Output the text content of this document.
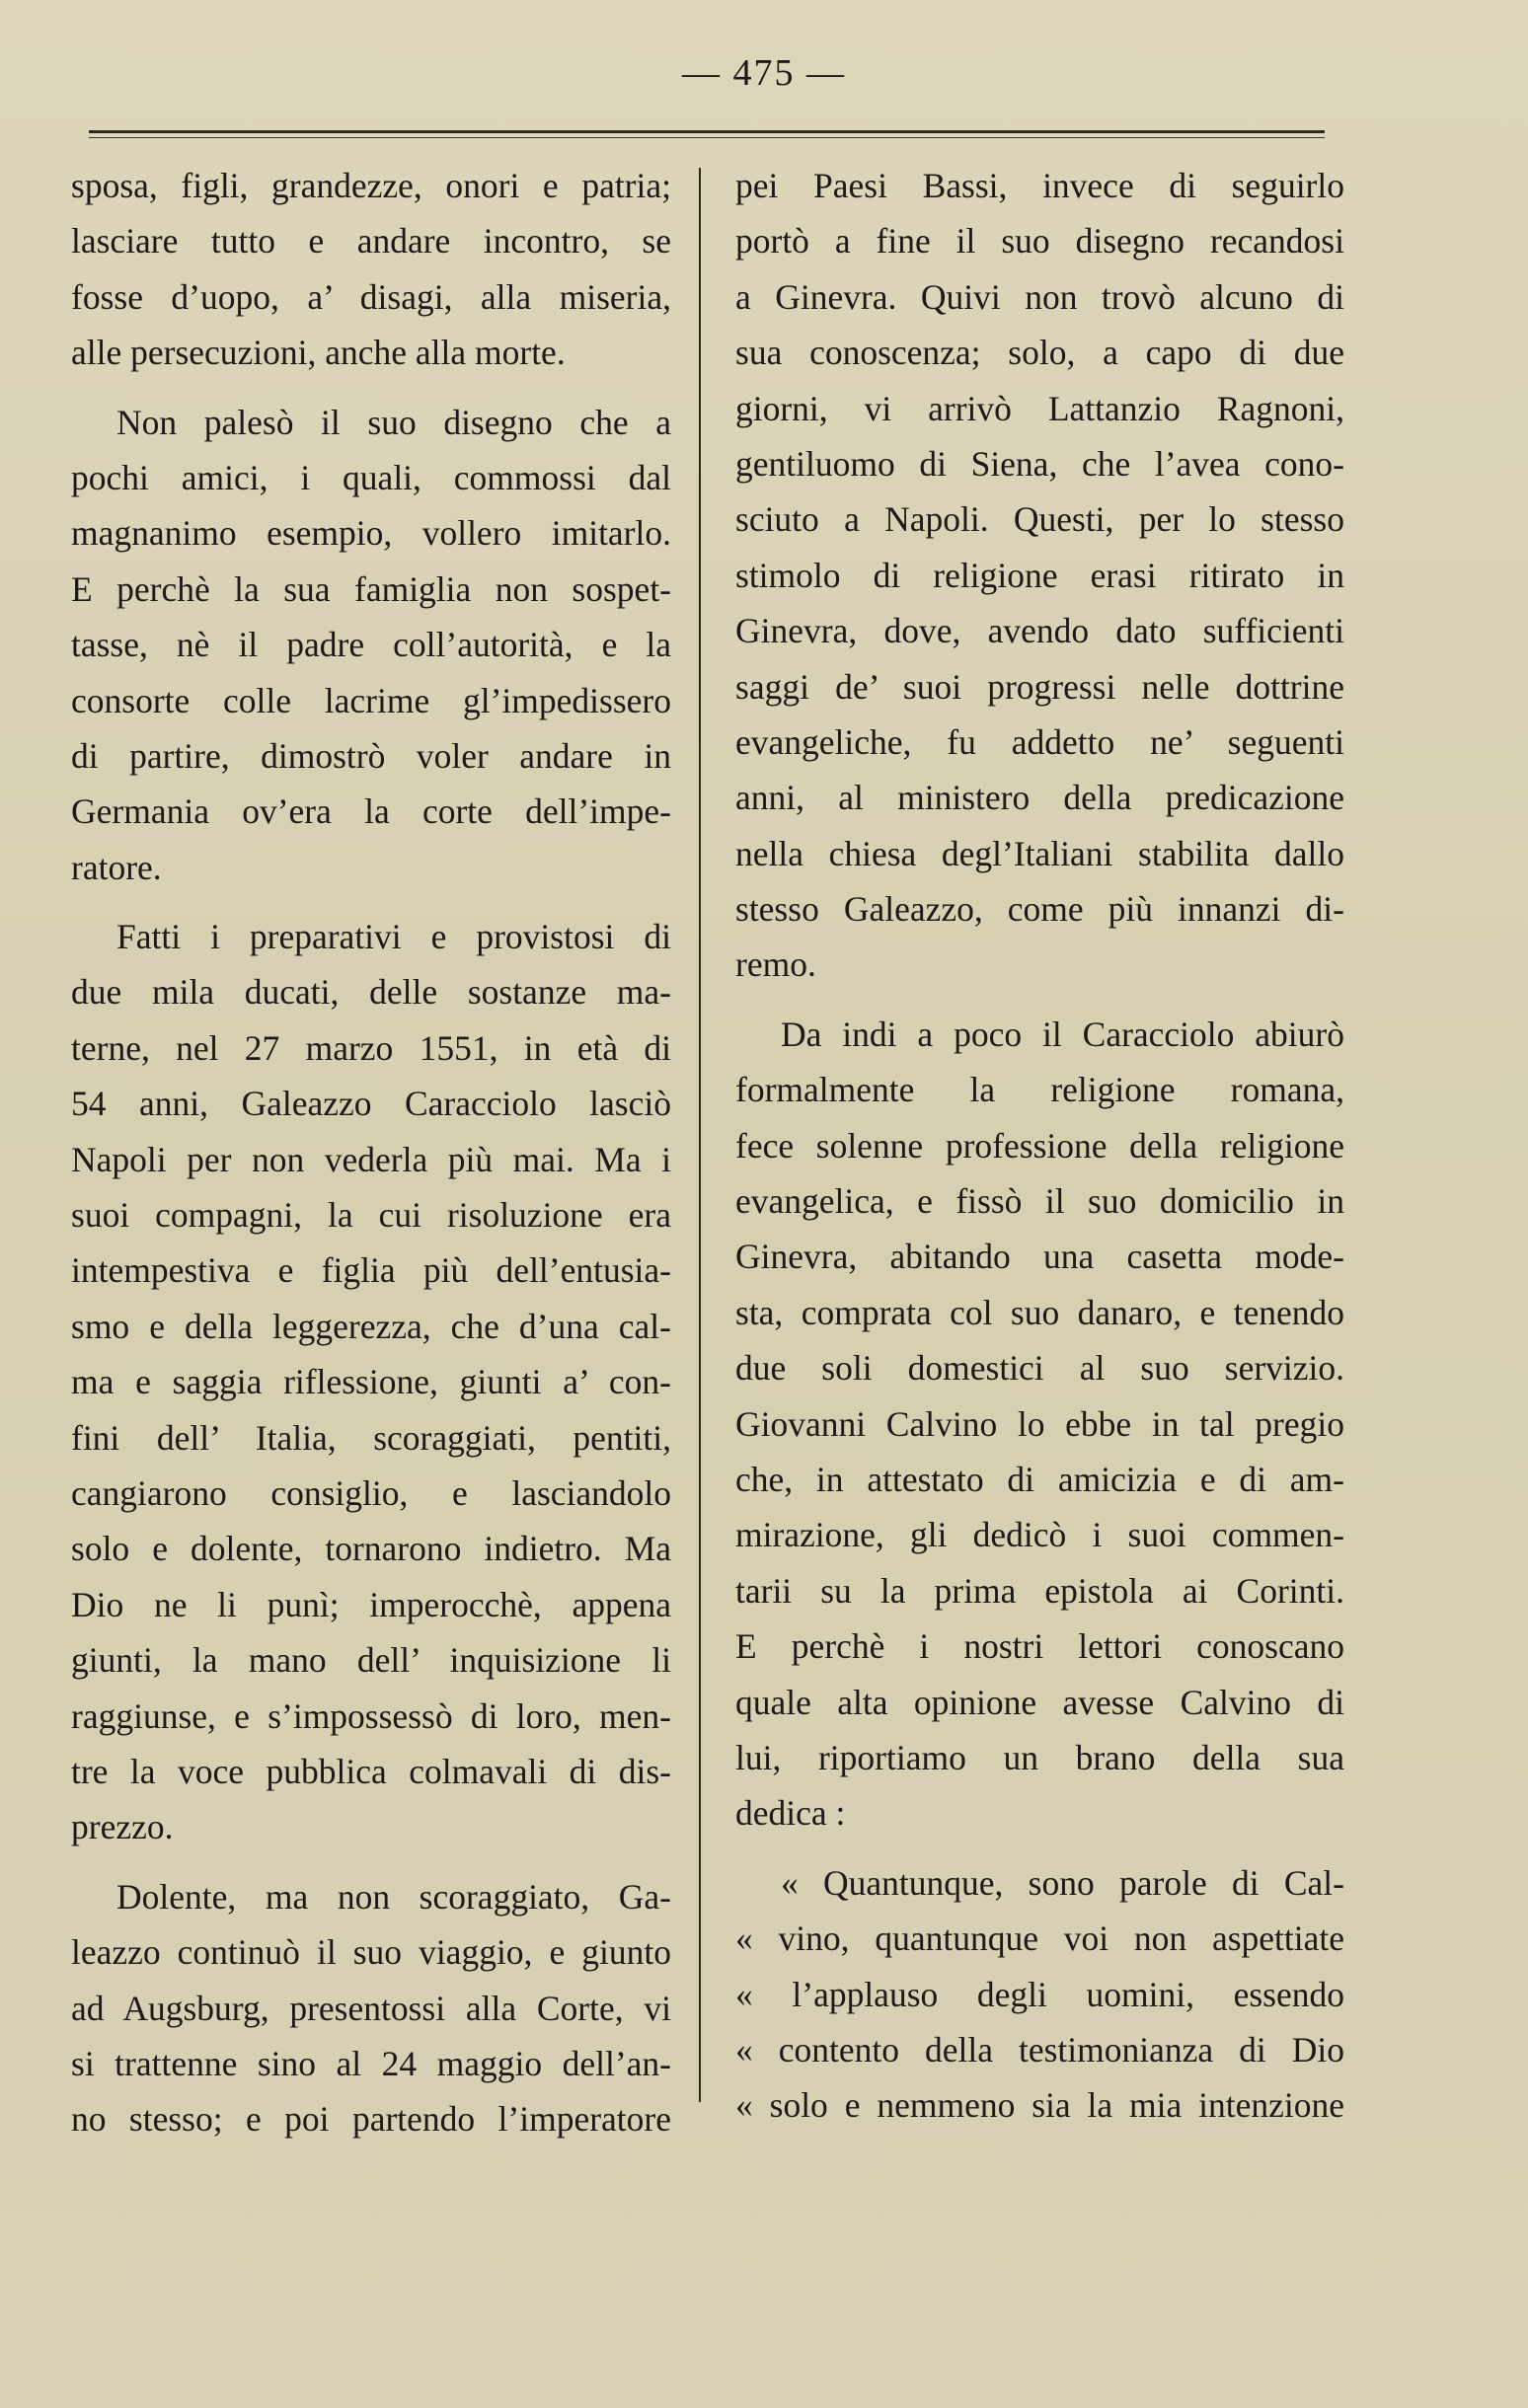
— 475 —
sposa, figli, grandezze, onori e patria;
lasciare tutto e andare incontro, se
fosse d’uopo, a’ disagi, alla miseria,
alle persecuzioni, anche alla morte.
Non palesò il suo disegno che a
pochi amici, i quali, commossi dal
magnanimo esempio, vollero imitarlo.
E perchè la sua famiglia non sospet-
tasse, nè il padre coll’autorità, e la
consorte colle lacrime gl’impedissero
di partire, dimostrò voler andare in
Germania ov’era la corte dell’impe-
ratore.
Fatti i preparativi e provistosi di
due mila ducati, delle sostanze ma-
terne, nel 27 marzo 1551, in età di
54 anni, Galeazzo Caracciolo lasciò
Napoli per non vederla più mai. Ma i
suoi compagni, la cui risoluzione era
intempestiva e figlia più dell’entusia-
smo e della leggerezza, che d’una cal-
ma e saggia riflessione, giunti a’ con-
fini dell’ Italia, scoraggiati, pentiti,
cangiarono consiglio, e lasciandolo
solo e dolente, tornarono indietro. Ma
Dio ne li punì; imperocchè, appena
giunti, la mano dell’ inquisizione li
raggiunse, e s’impossessò di loro, men-
tre la voce pubblica colmavali di dis-
prezzo.
Dolente, ma non scoraggiato, Ga-
leazzo continuò il suo viaggio, e giunto
ad Augsburg, presentossi alla Corte, vi
si trattenne sino al 24 maggio dell’an-
no stesso; e poi partendo l’imperatore
pei Paesi Bassi, invece di seguirlo
portò a fine il suo disegno recandosi
a Ginevra. Quivi non trovò alcuno di
sua conoscenza; solo, a capo di due
giorni, vi arrivò Lattanzio Ragnoni,
gentiluomo di Siena, che l’avea cono-
sciuto a Napoli. Questi, per lo stesso
stimolo di religione erasi ritirato in
Ginevra, dove, avendo dato sufficienti
saggi de’ suoi progressi nelle dottrine
evangeliche, fu addetto ne’ seguenti
anni, al ministero della predicazione
nella chiesa degl’Italiani stabilita dallo
stesso Galeazzo, come più innanzi di-
remo.
Da indi a poco il Caracciolo abiurò
formalmente la religione romana,
fece solenne professione della religione
evangelica, e fissò il suo domicilio in
Ginevra, abitando una casetta mode-
sta, comprata col suo danaro, e tenendo
due soli domestici al suo servizio.
Giovanni Calvino lo ebbe in tal pregio
che, in attestato di amicizia e di am-
mirazione, gli dedicò i suoi commen-
tarii su la prima epistola ai Corinti.
E perchè i nostri lettori conoscano
quale alta opinione avesse Calvino di
lui, riportiamo un brano della sua
dedica :
« Quantunque, sono parole di Cal-
« vino, quantunque voi non aspettiate
« l’applauso degli uomini, essendo
« contento della testimonianza di Dio
« solo e nemmeno sia la mia intenzione
